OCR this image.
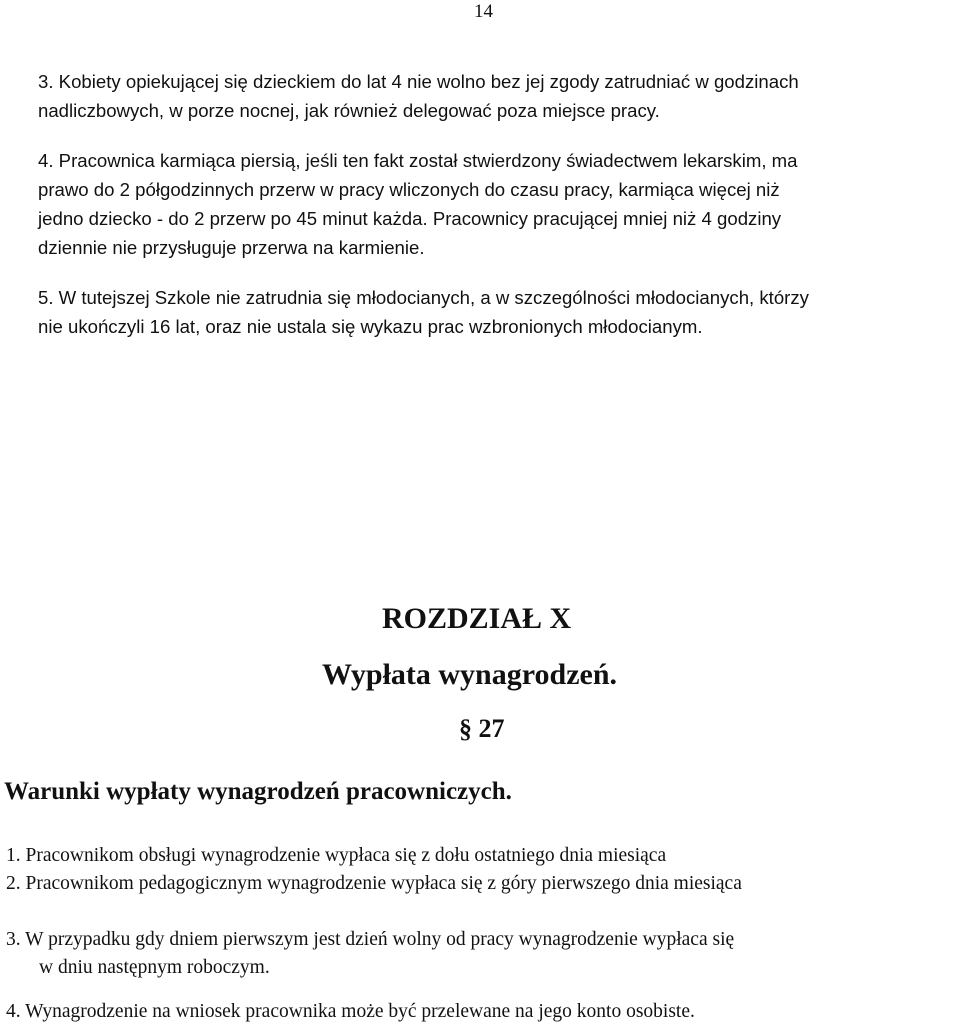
14
3. Kobiety opiekującej się dzieckiem do lat 4 nie wolno bez jej zgody zatrudniać w godzinach
nadliczbowych, w porze nocnej, jak również delegować poza miejsce pracy.
4. Pracownica karmiąca piersią, jeśli ten fakt został stwierdzony świadectwem lekarskim, ma
prawo do 2 półgodzinnych przerw w pracy wliczonych do czasu pracy, karmiąca więcej niż
jedno dziecko - do 2 przerw po 45 minut każda. Pracownicy pracującej mniej niż 4 godziny
dziennie nie przysługuje przerwa na karmienie.
5. W tutejszej Szkole nie zatrudnia się młodocianych, a w szczególności młodocianych, którzy
nie ukończyli 16 lat, oraz nie ustala się wykazu prac wzbronionych młodocianym.
ROZDZIAŁ X
Wypłata wynagrodzeń.
§ 27
Warunki wypłaty wynagrodzeń pracowniczych.
1. Pracownikom obsługi wynagrodzenie wypłaca się z dołu ostatniego dnia miesiąca
2. Pracownikom pedagogicznym wynagrodzenie wypłaca się z góry pierwszego dnia miesiąca
3. W przypadku gdy dniem pierwszym jest dzień wolny od pracy wynagrodzenie wypłaca się
w dniu następnym roboczym.
4. Wynagrodzenie na wniosek pracownika może być przelewane na jego konto osobiste.
